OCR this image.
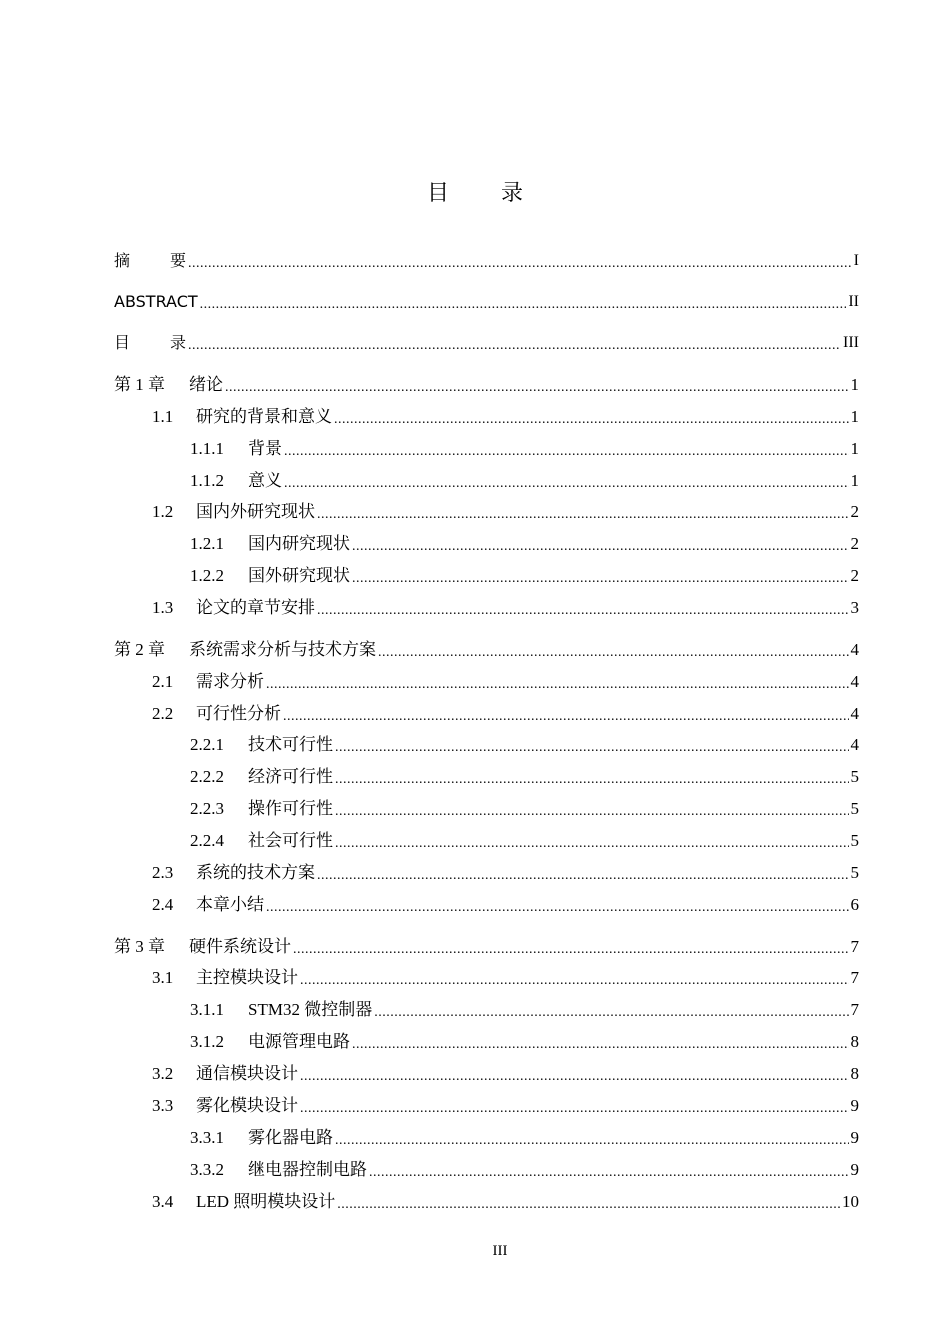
目 录
摘	要 .....	I
ABSTRACT .....	II
目	录 .....	III
第 1 章	绪论 .....	1
1.1	研究的背景和意义 .....	1
1.1.1	背景 .....	1
1.1.2	意义 .....	1
1.2	国内外研究现状 .....	2
1.2.1	国内研究现状 .....	2
1.2.2	国外研究现状 .....	2
1.3	论文的章节安排 .....	3
第 2 章	系统需求分析与技术方案 .....	4
2.1	需求分析 .....	4
2.2	可行性分析 .....	4
2.2.1	技术可行性 .....	4
2.2.2	经济可行性 .....	5
2.2.3	操作可行性 .....	5
2.2.4	社会可行性 .....	5
2.3	系统的技术方案 .....	5
2.4	本章小结 .....	6
第 3 章	硬件系统设计 .....	7
3.1	主控模块设计 .....	7
3.1.1	STM32 微控制器 .....	7
3.1.2	电源管理电路 .....	8
3.2	通信模块设计 .....	8
3.3	雾化模块设计 .....	9
3.3.1	雾化器电路 .....	9
3.3.2	继电器控制电路 .....	9
3.4	LED 照明模块设计 .....	10
III
